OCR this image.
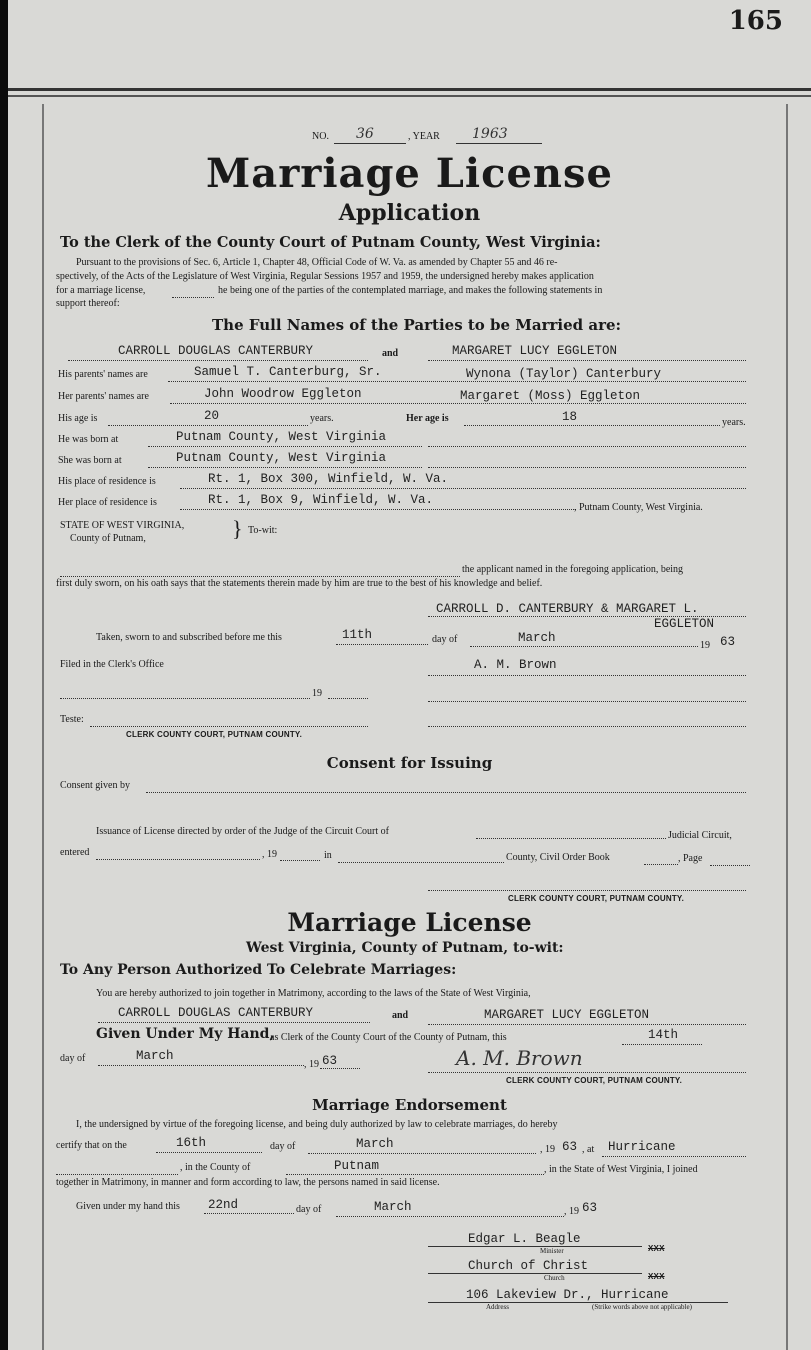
165
NO. 36	, YEAR 1963
Marriage License
Application
To the Clerk of the County Court of Putnam County, West Virginia:
Pursuant to the provisions of Sec. 6, Article 1, Chapter 48, Official Code of W. Va. as amended by Chapter 55 and 46 re-
spectively, of the Acts of the Legislature of West Virginia, Regular Sessions 1957 and 1959, the undersigned hereby makes application
for a marriage license,	he being one of the parties of the contemplated marriage, and makes the following statements in
support thereof:
The Full Names of the Parties to be Married are:
CARROLL DOUGLAS CANTERBURY	and	MARGARET LUCY EGGLETON
His parents' names are	Samuel T. Canterburg, Sr.	Wynona (Taylor) Canterbury
Her parents' names are	John Woodrow Eggleton	Margaret (Moss) Eggleton
His age is	20	years.	Her age is	18	years.
He was born at	Putnam County, West Virginia
She was born at	Putnam County, West Virginia
His place of residence is	Rt. 1, Box 300, Winfield, W. Va.
Her place of residence is	Rt. 1, Box 9, Winfield, W. Va.
, Putnam County, West Virginia.
STATE OF WEST VIRGINIA,
County of Putnam,	} To-wit:
the applicant named in the foregoing application, being
first duly sworn, on his oath says that the statements therein made by him are true to the best of his knowledge and belief.
CARROLL D. CANTERBURY & MARGARET L.
EGGLETON
Taken, sworn to and subscribed before me this	11th	day of	March
19 63
Filed in the Clerk's Office	A. M. Brown
19
Teste:
CLERK COUNTY COURT, PUTNAM COUNTY.
Consent for Issuing
Consent given by
Issuance of License directed by order of the Judge of the Circuit Court of	Judicial Circuit,
entered	, 19	in	County, Civil Order Book	, Page
CLERK COUNTY COURT, PUTNAM COUNTY.
Marriage License
West Virginia, County of Putnam, to-wit:
To Any Person Authorized To Celebrate Marriages:
You are hereby authorized to join together in Matrimony, according to the laws of the State of West Virginia,
CARROLL DOUGLAS CANTERBURY	and	MARGARET LUCY EGGLETON
Given Under My Hand,
as Clerk of the County Court of the County of Putnam, this	14th
day of	March
, 19 63	A. M. Brown
CLERK COUNTY COURT, PUTNAM COUNTY.
Marriage Endorsement
I, the undersigned by virtue of the foregoing license, and being duly authorized by law to celebrate marriages, do hereby
certify that on the	16th	day of	March	, 19 63 , at Hurricane
, in the County of	Putnam	, in the State of West Virginia, I joined
together in Matrimony, in manner and form according to law, the persons named in said license.
Given under my hand this 22nd	day of	March	, 19 63
Edgar L. Beagle
Minister	XXX
Church of Christ
Church	XXX
106 Lakeview Dr., Hurricane
Address	(Strike words above not applicable)
